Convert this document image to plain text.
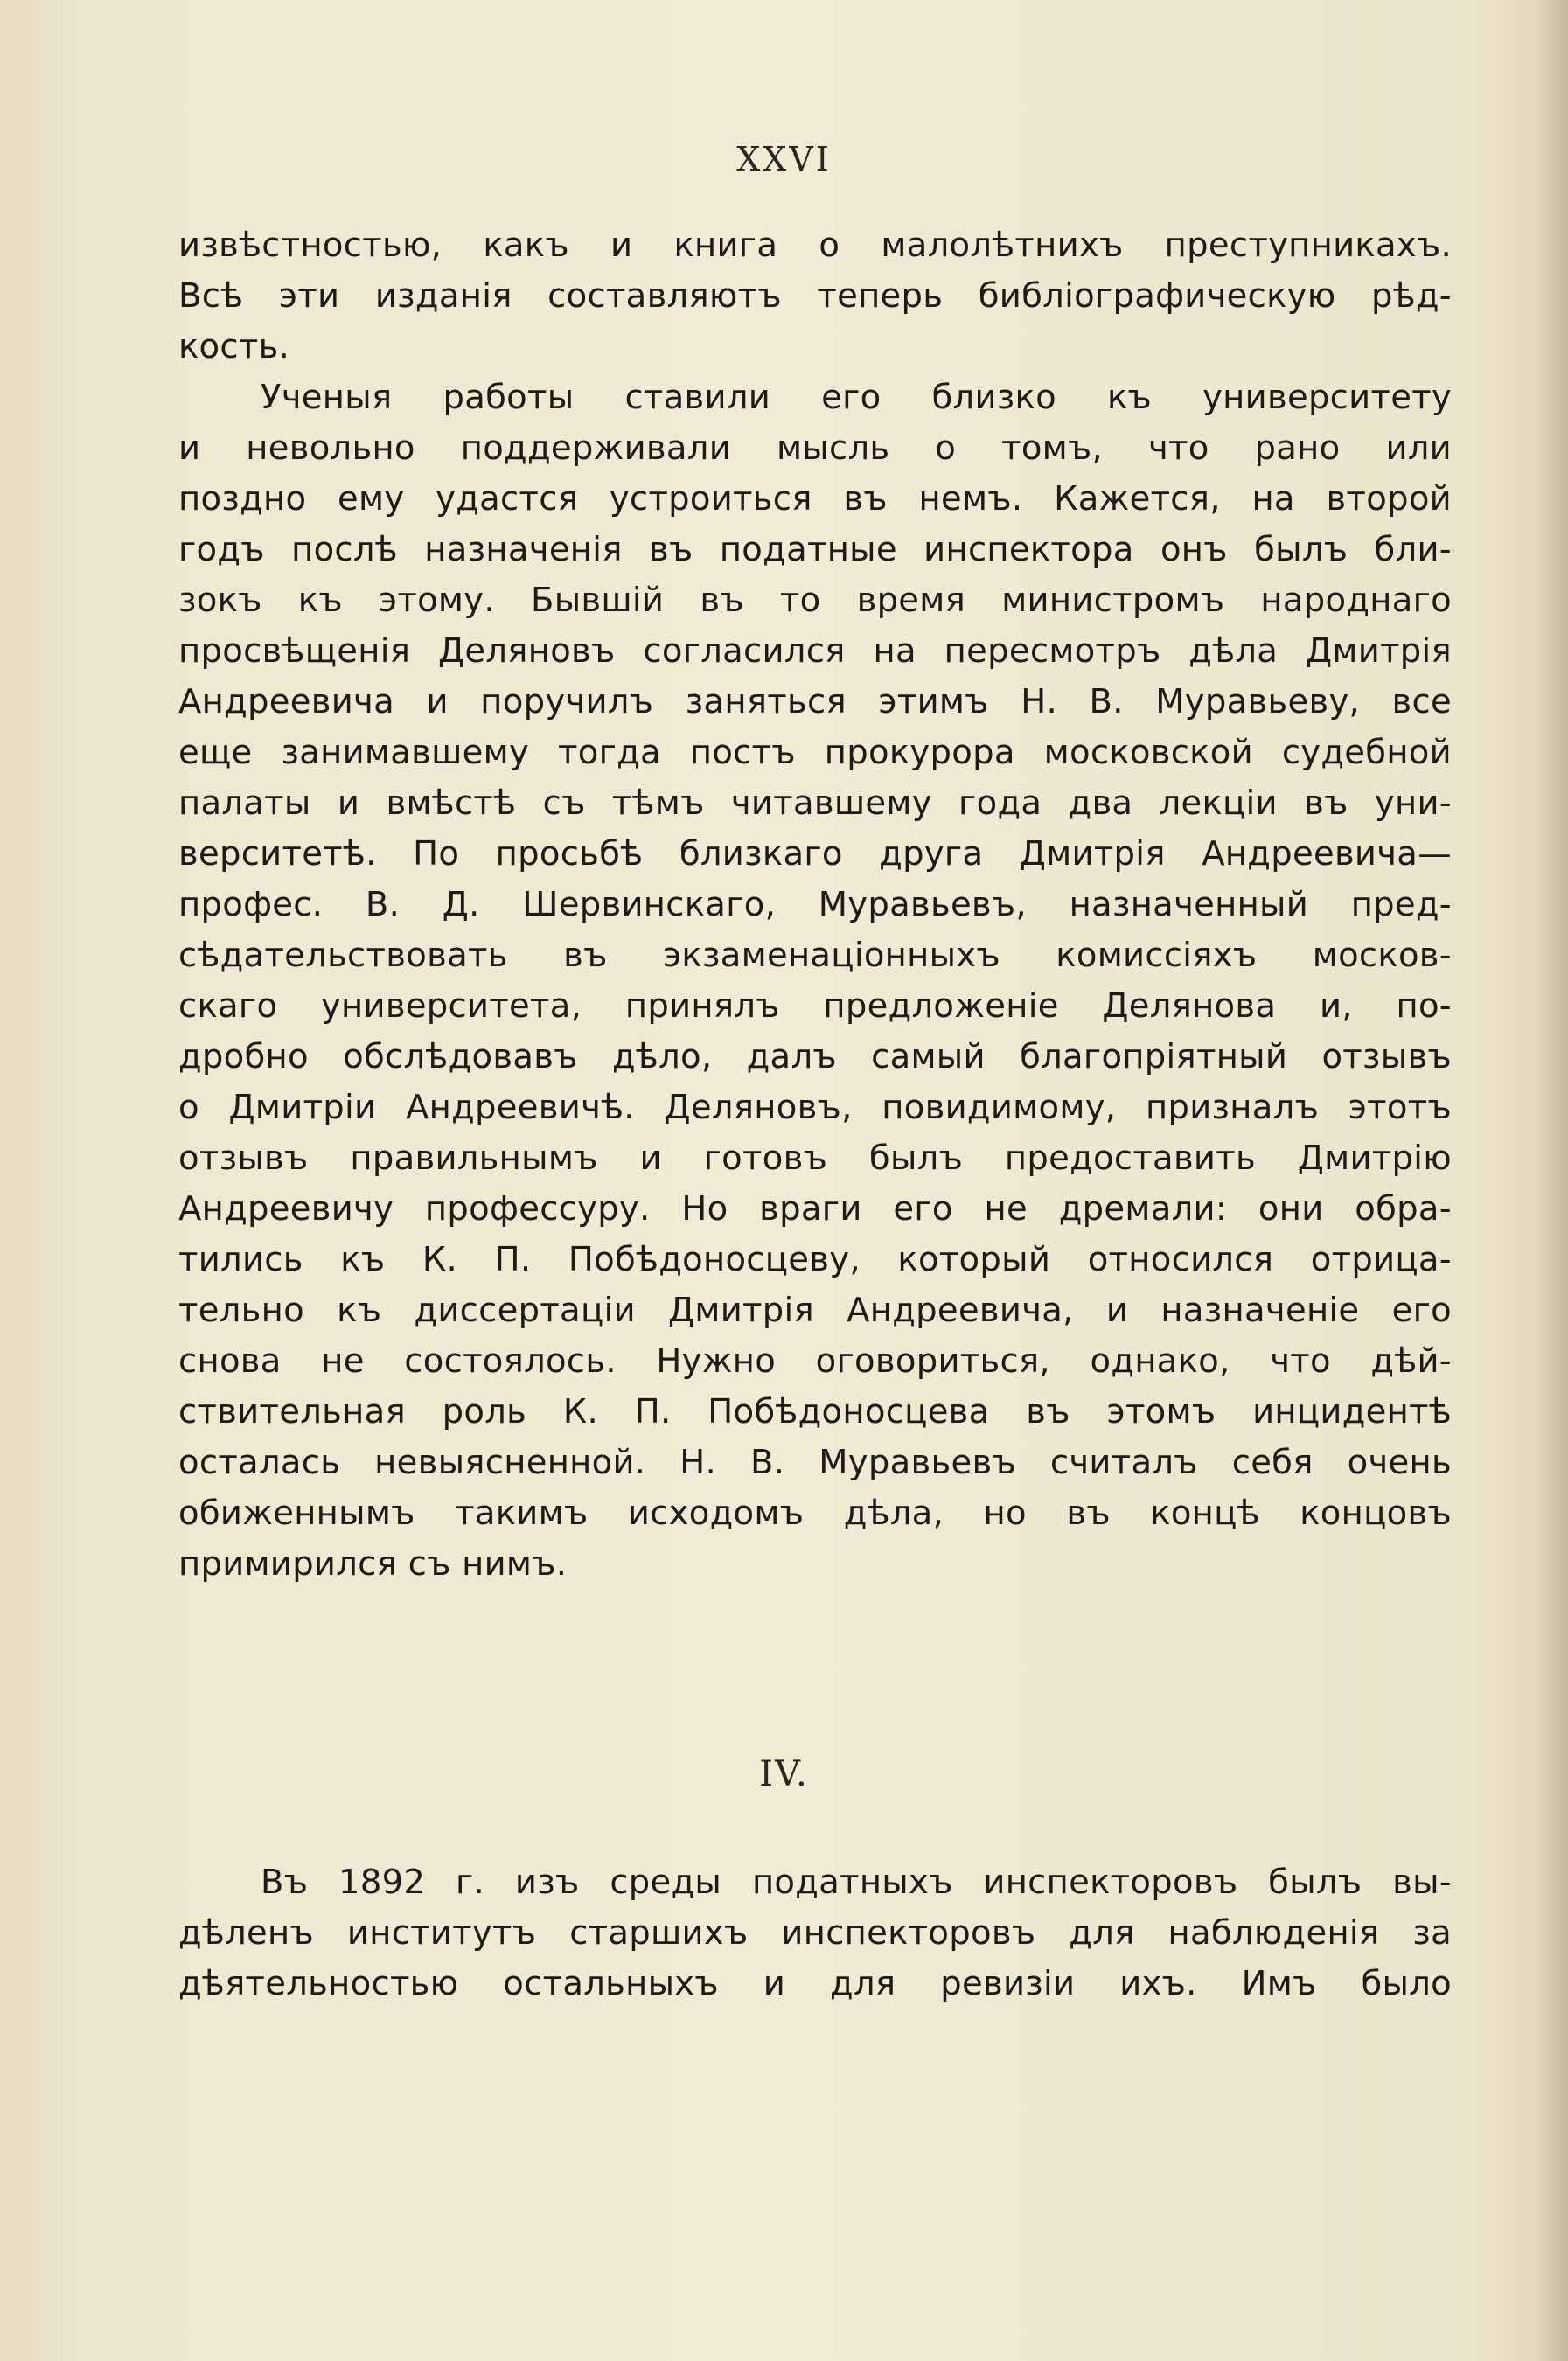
XXVI
извѣстностью, какъ и книга о малолѣтнихъ преступникахъ.
Всѣ эти изданія составляютъ теперь библіографическую рѣд-
кость.
Ученыя работы ставили его близко къ университету
и невольно поддерживали мысль о томъ, что рано или
поздно ему удастся устроиться въ немъ. Кажется, на второй
годъ послѣ назначенія въ податные инспектора онъ былъ бли-
зокъ къ этому. Бывшій въ то время министромъ народнаго
просвѣщенія Деляновъ согласился на пересмотръ дѣла Дмитрія
Андреевича и поручилъ заняться этимъ Н. В. Муравьеву, все
еще занимавшему тогда постъ прокурора московской судебной
палаты и вмѣстѣ съ тѣмъ читавшему года два лекціи въ уни-
верситетѣ. По просьбѣ близкаго друга Дмитрія Андреевича—
профес. В. Д. Шервинскаго, Муравьевъ, назначенный пред-
сѣдательствовать въ экзаменаціонныхъ комиссіяхъ москов-
скаго университета, принялъ предложеніе Делянова и, по-
дробно обслѣдовавъ дѣло, далъ самый благопріятный отзывъ
о Дмитріи Андреевичѣ. Деляновъ, повидимому, призналъ этотъ
отзывъ правильнымъ и готовъ былъ предоставить Дмитрію
Андреевичу профессуру. Но враги его не дремали: они обра-
тились къ К. П. Побѣдоносцеву, который относился отрица-
тельно къ диссертаціи Дмитрія Андреевича, и назначеніе его
снова не состоялось. Нужно оговориться, однако, что дѣй-
ствительная роль К. П. Побѣдоносцева въ этомъ инцидентѣ
осталась невыясненной. Н. В. Муравьевъ считалъ себя очень
обиженнымъ такимъ исходомъ дѣла, но въ концѣ концовъ
примирился съ нимъ.
IV.
Въ 1892 г. изъ среды податныхъ инспекторовъ былъ вы-
дѣленъ институтъ старшихъ инспекторовъ для наблюденія за
дѣятельностью остальныхъ и для ревизіи ихъ. Имъ было
